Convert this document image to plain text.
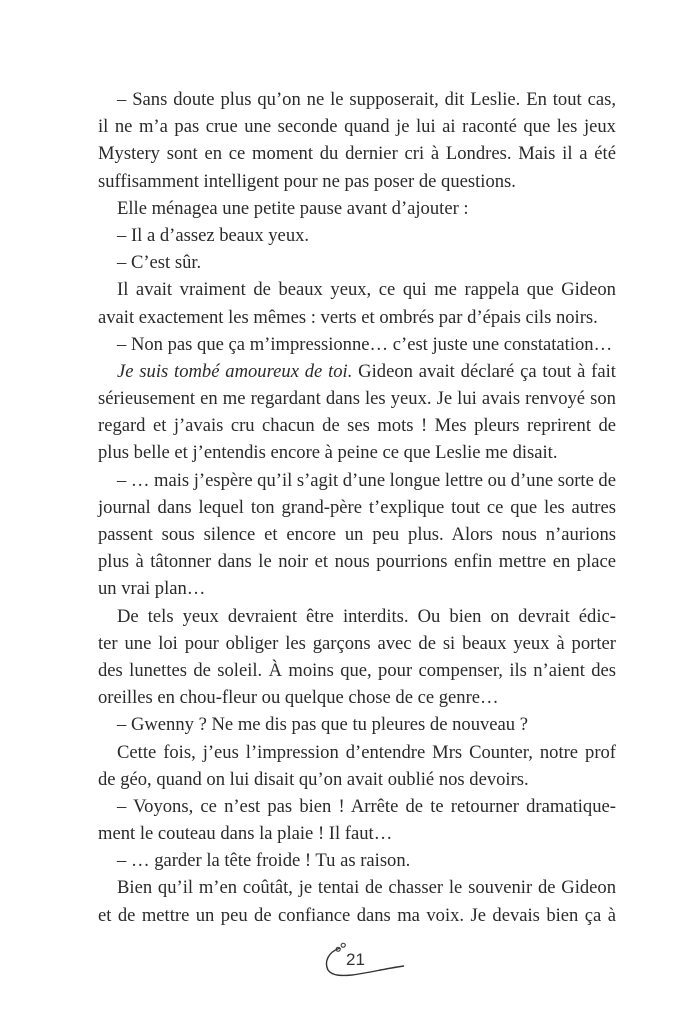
– Sans doute plus qu’on ne le supposerait, dit Leslie. En tout cas,
il ne m’a pas crue une seconde quand je lui ai raconté que les jeux
Mystery sont en ce moment du dernier cri à Londres. Mais il a été
suffisamment intelligent pour ne pas poser de questions.
Elle ménagea une petite pause avant d’ajouter :
– Il a d’assez beaux yeux.
– C’est sûr.
Il avait vraiment de beaux yeux, ce qui me rappela que Gideon
avait exactement les mêmes : verts et ombrés par d’épais cils noirs.
– Non pas que ça m’impressionne… c’est juste une constatation…
Je suis tombé amoureux de toi. Gideon avait déclaré ça tout à fait
sérieusement en me regardant dans les yeux. Je lui avais renvoyé son
regard et j’avais cru chacun de ses mots ! Mes pleurs reprirent de
plus belle et j’entendis encore à peine ce que Leslie me disait.
– … mais j’espère qu’il s’agit d’une longue lettre ou d’une sorte de
journal dans lequel ton grand-père t’explique tout ce que les autres
passent sous silence et encore un peu plus. Alors nous n’aurions
plus à tâtonner dans le noir et nous pourrions enfin mettre en place
un vrai plan…
De tels yeux devraient être interdits. Ou bien on devrait édic-
ter une loi pour obliger les garçons avec de si beaux yeux à porter
des lunettes de soleil. À moins que, pour compenser, ils n’aient des
oreilles en chou-fleur ou quelque chose de ce genre…
– Gwenny ? Ne me dis pas que tu pleures de nouveau ?
Cette fois, j’eus l’impression d’entendre Mrs Counter, notre prof
de géo, quand on lui disait qu’on avait oublié nos devoirs.
– Voyons, ce n’est pas bien ! Arrête de te retourner dramatique-
ment le couteau dans la plaie ! Il faut…
– … garder la tête froide ! Tu as raison.
Bien qu’il m’en coûtât, je tentai de chasser le souvenir de Gideon
et de mettre un peu de confiance dans ma voix. Je devais bien ça à
21
